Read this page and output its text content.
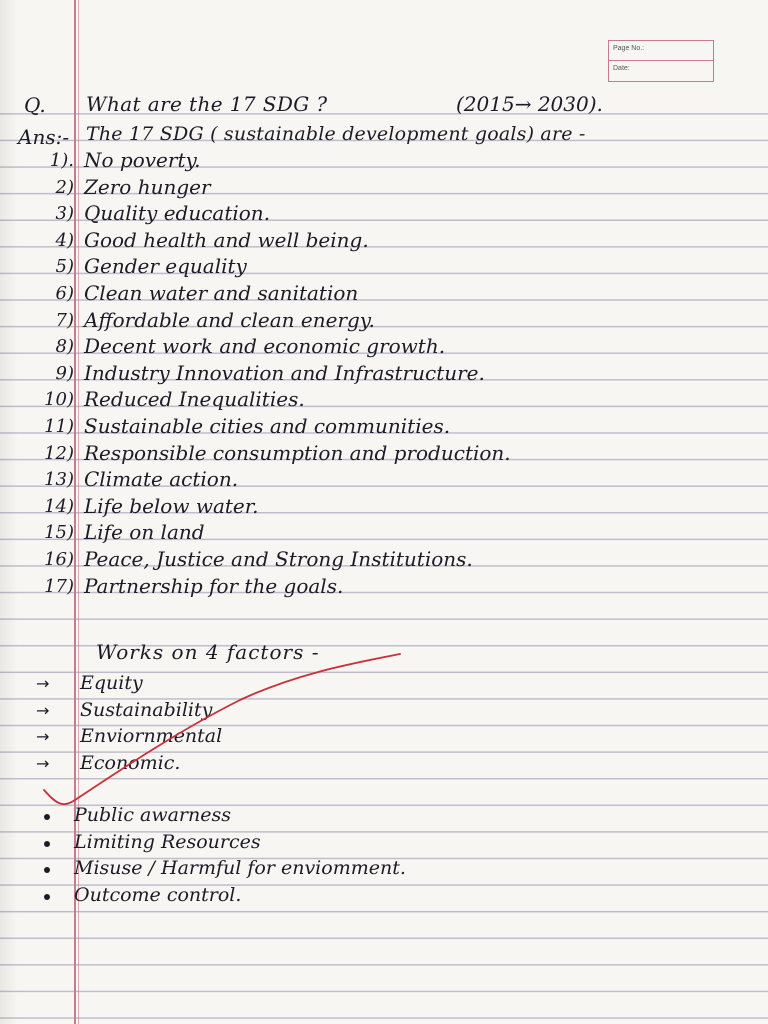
Page No.:
Date:
Q. What are the 17 SDG ?	(2015→ 2030).
Ans:- The 17 SDG ( sustainable development goals) are -
1). No poverty.
2) Zero hunger
3) Quality education.
4) Good health and well being.
5) Gender equality
6) Clean water and sanitation
7) Affordable and clean energy.
8) Decent work and economic growth.
9) Industry Innovation and Infrastructure.
10) Reduced Inequalities.
11) Sustainable cities and communities.
12) Responsible consumption and production.
13) Climate action.
14) Life below water.
15) Life on land
16) Peace, Justice and Strong Institutions.
17) Partnership for the goals.
Works on 4 factors -
→ Equity
→ Sustainability
→ Enviornmental
→ Economic.
Public awarness
Limiting Resources
Misuse / Harmful for enviomment.
Outcome control.
